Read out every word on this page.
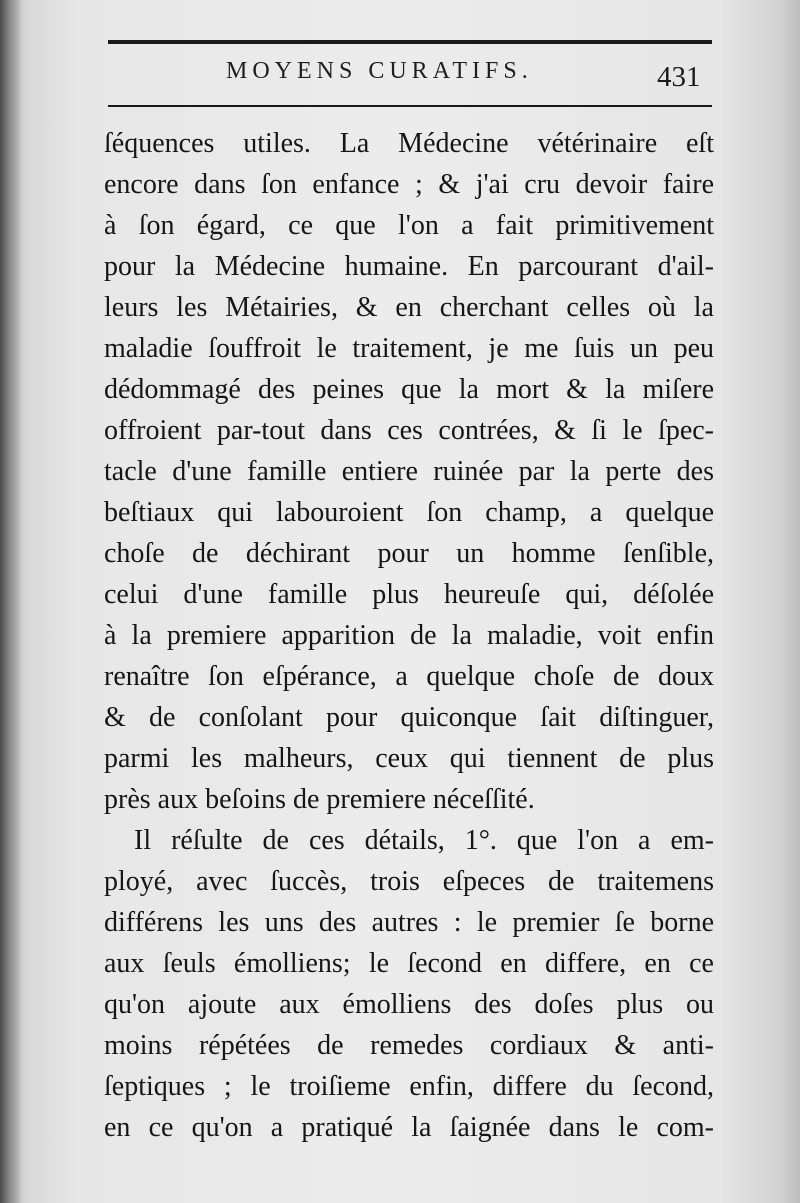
MOYENS CURATIFS.	431
ſéquences utiles. La Médecine vétérinaire eſt
encore dans ſon enfance ; & j'ai cru devoir faire
à ſon égard, ce que l'on a fait primitivement
pour la Médecine humaine. En parcourant d'ail-
leurs les Métairies, & en cherchant celles où la
maladie ſouffroit le traitement, je me ſuis un peu
dédommagé des peines que la mort & la miſere
offroient par-tout dans ces contrées, & ſi le ſpec-
tacle d'une famille entiere ruinée par la perte des
beſtiaux qui labouroient ſon champ, a quelque
choſe de déchirant pour un homme ſenſible,
celui d'une famille plus heureuſe qui, déſolée
à la premiere apparition de la maladie, voit enfin
renaître ſon eſpérance, a quelque choſe de doux
& de conſolant pour quiconque ſait diſtinguer,
parmi les malheurs, ceux qui tiennent de plus
près aux beſoins de premiere néceſſité.
Il réſulte de ces détails, 1°. que l'on a em-
ployé, avec ſuccès, trois eſpeces de traitemens
différens les uns des autres : le premier ſe borne
aux ſeuls émolliens; le ſecond en differe, en ce
qu'on ajoute aux émolliens des doſes plus ou
moins répétées de remedes cordiaux & anti-
ſeptiques ; le troiſieme enfin, differe du ſecond,
en ce qu'on a pratiqué la ſaignée dans le com-
